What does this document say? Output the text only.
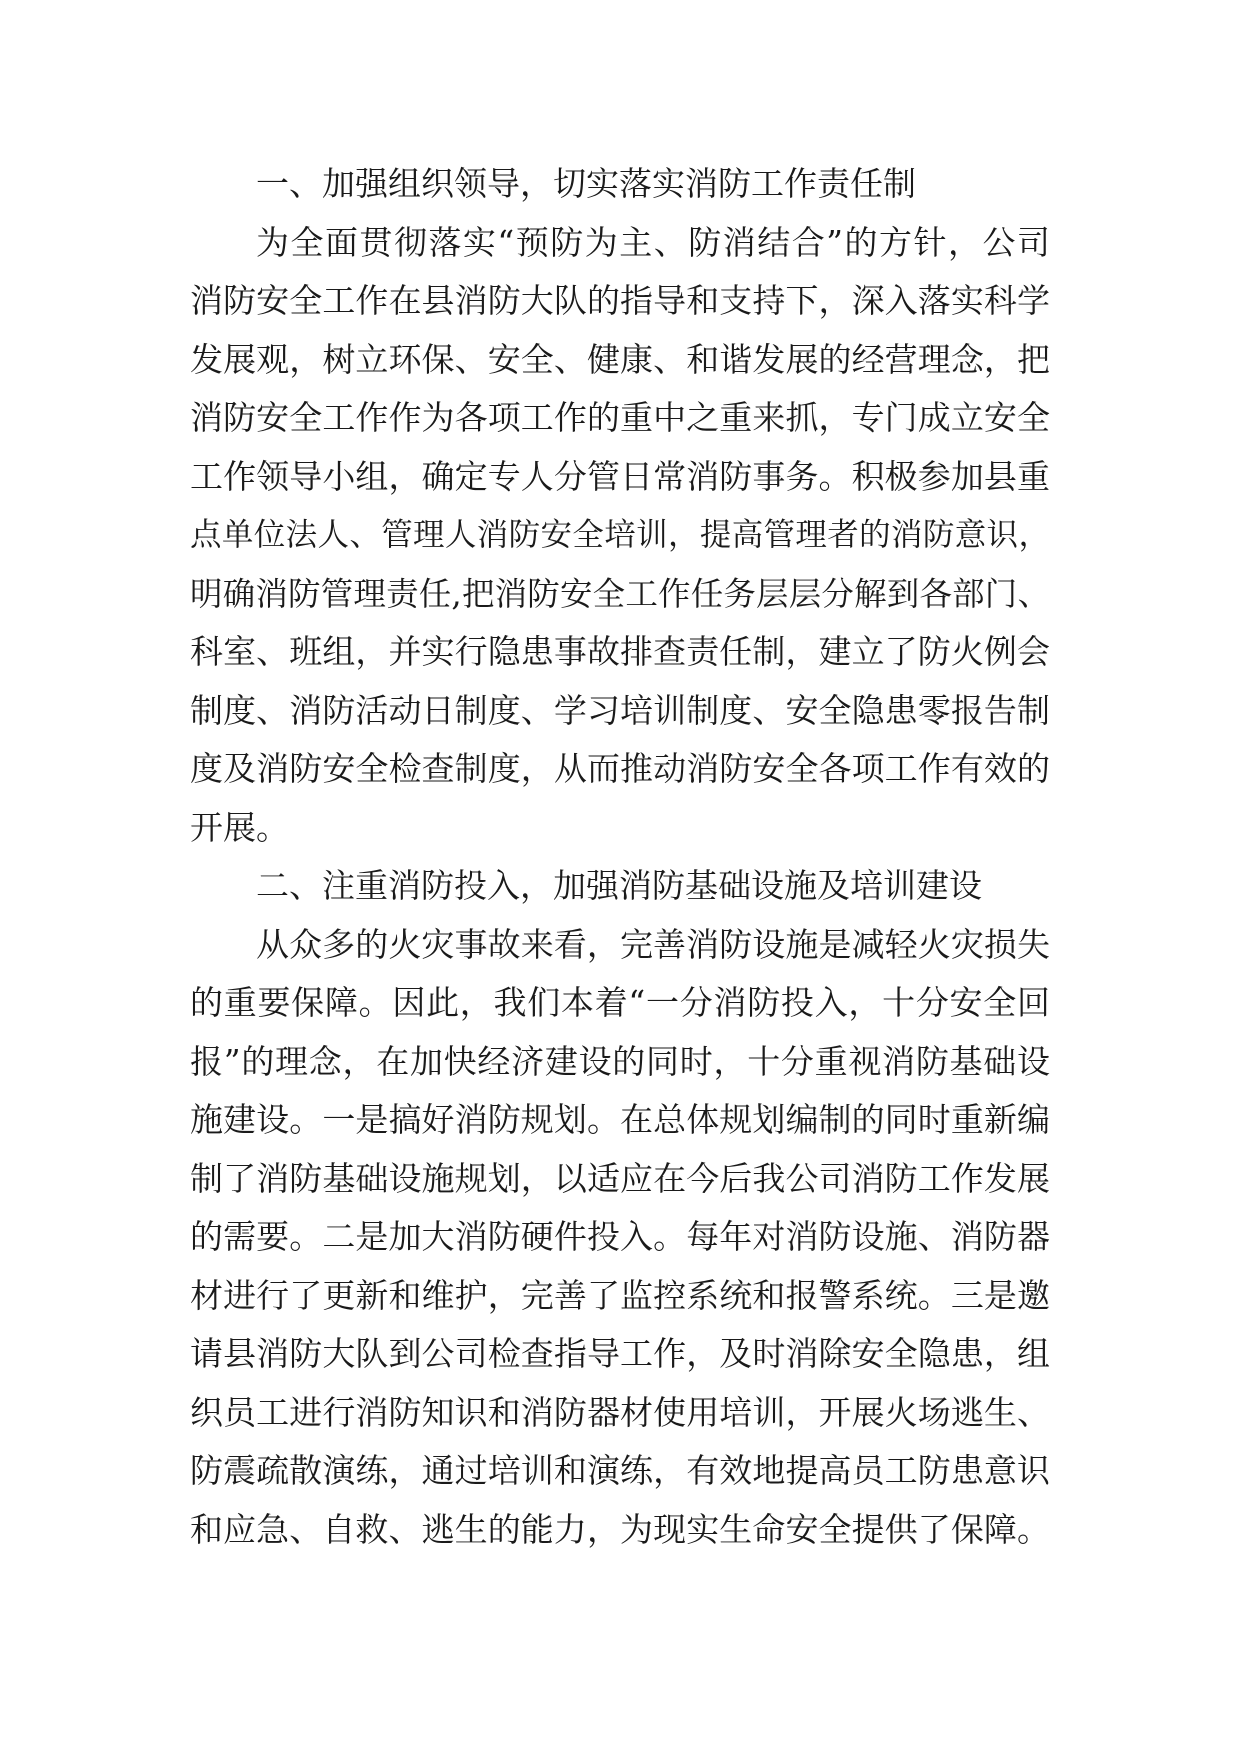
一、加强组织领导，切实落实消防工作责任制
为全面贯彻落实“预防为主、防消结合”的方针，公司
消防安全工作在县消防大队的指导和支持下，深入落实科学
发展观，树立环保、安全、健康、和谐发展的经营理念，把
消防安全工作作为各项工作的重中之重来抓，专门成立安全
工作领导小组，确定专人分管日常消防事务。积极参加县重
点单位法人、管理人消防安全培训，提高管理者的消防意识，
明确消防管理责任,把消防安全工作任务层层分解到各部门、
科室、班组，并实行隐患事故排查责任制，建立了防火例会
制度、消防活动日制度、学习培训制度、安全隐患零报告制
度及消防安全检查制度，从而推动消防安全各项工作有效的
开展。
二、注重消防投入，加强消防基础设施及培训建设
从众多的火灾事故来看，完善消防设施是减轻火灾损失
的重要保障。因此，我们本着“一分消防投入，十分安全回
报”的理念，在加快经济建设的同时，十分重视消防基础设
施建设。一是搞好消防规划。在总体规划编制的同时重新编
制了消防基础设施规划，以适应在今后我公司消防工作发展
的需要。二是加大消防硬件投入。每年对消防设施、消防器
材进行了更新和维护，完善了监控系统和报警系统。三是邀
请县消防大队到公司检查指导工作，及时消除安全隐患，组
织员工进行消防知识和消防器材使用培训，开展火场逃生、
防震疏散演练，通过培训和演练，有效地提高员工防患意识
和应急、自救、逃生的能力，为现实生命安全提供了保障。
